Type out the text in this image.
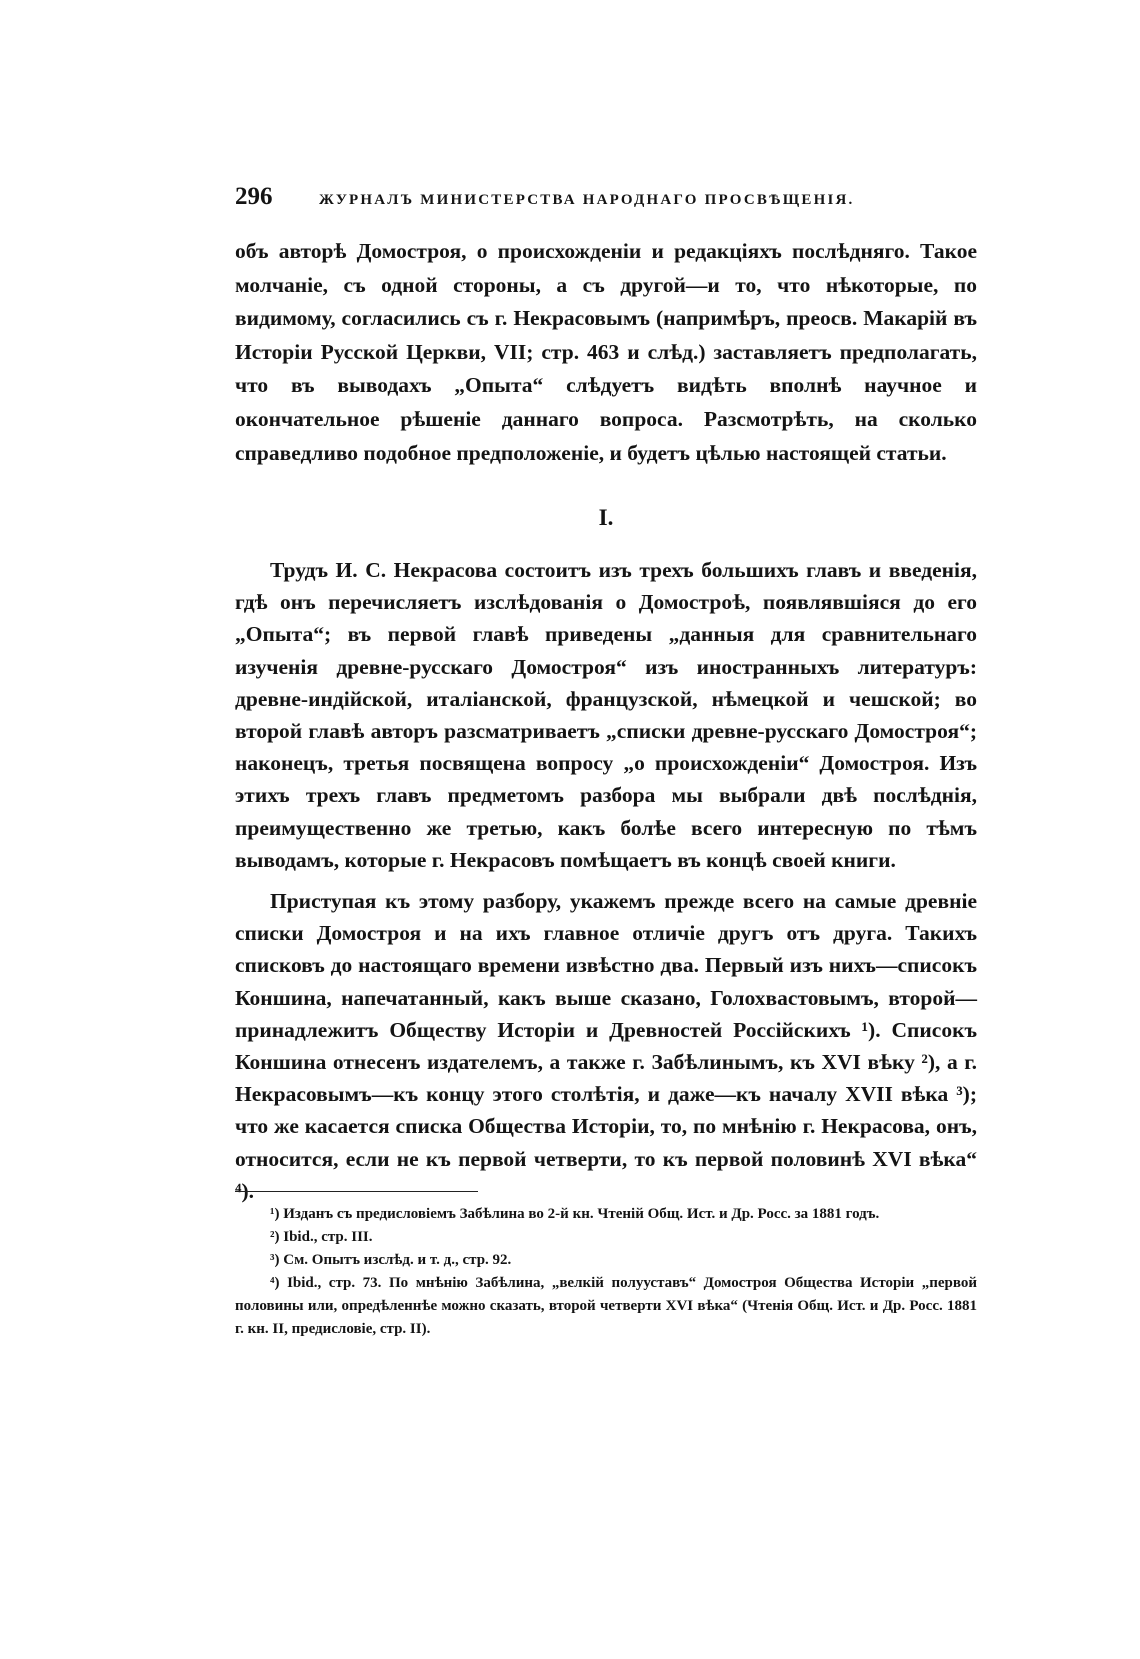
296	ЖУРНАЛЪ МИНИСТЕРСТВА НАРОДНАГО ПРОСВѢЩЕНІЯ.

объ авторѣ Домостроя, о происхожденіи и редакціяхъ послѣдняго. Такое молчаніе, съ одной стороны, а съ другой—и то, что нѣкоторые, по видимому, согласились съ г. Некрасовымъ (напримѣръ, преосв. Макарій въ Исторіи Русской Церкви, VII; стр. 463 и слѣд.) заставляетъ предполагать, что въ выводахъ „Опыта“ слѣдуетъ видѣть вполнѣ научное и окончательное рѣшеніе даннаго вопроса. Разсмотрѣть, на сколько справедливо подобное предположеніе, и будетъ цѣлью настоящей статьи.

I.

Трудъ И. С. Некрасова состоитъ изъ трехъ большихъ главъ и введенія, гдѣ онъ перечисляетъ изслѣдованія о Домостроѣ, появлявшіяся до его „Опыта“; въ первой главѣ приведены „данныя для сравнительнаго изученія древне-русскаго Домостроя“ изъ иностранныхъ литературъ: древне-индійской, италіанской, французской, нѣмецкой и чешской; во второй главѣ авторъ разсматриваетъ „списки древне-русскаго Домостроя“; наконецъ, третья посвящена вопросу „о происхожденіи“ Домостроя. Изъ этихъ трехъ главъ предметомъ разбора мы выбрали двѣ послѣднія, преимущественно же третью, какъ болѣе всего интересную по тѣмъ выводамъ, которые г. Некрасовъ помѣщаетъ въ концѣ своей книги.

Приступая къ этому разбору, укажемъ прежде всего на самые древніе списки Домостроя и на ихъ главное отличіе другъ отъ друга. Такихъ списковъ до настоящаго времени извѣстно два. Первый изъ нихъ—списокъ Коншина, напечатанный, какъ выше сказано, Голохвастовымъ, второй—принадлежитъ Обществу Исторіи и Древностей Россійскихъ ¹). Списокъ Коншина отнесенъ издателемъ, а также г. Забѣлинымъ, къ XVI вѣку ²), а г. Некрасовымъ—къ концу этого столѣтія, и даже—къ началу XVII вѣка ³); что же касается списка Общества Исторіи, то, по мнѣнію г. Некрасова, онъ, относится, если не къ первой четверти, то къ первой половинѣ XVI вѣка“ ⁴).

¹) Изданъ съ предисловіемъ Забѣлина во 2-й кн. Чтеній Общ. Ист. и Др. Росс. за 1881 годъ.

²) Ibid., стр. III.

³) См. Опытъ изслѣд. и т. д., стр. 92.

⁴) Ibid., стр. 73. По мнѣнію Забѣлина, „велкій полууставъ“ Домостроя Общества Исторіи „первой половины или, опредѣленнѣе можно сказать, второй четверти XVI вѣка“ (Чтенія Общ. Ист. и Др. Росс. 1881 г. кн. II, предисловіе, стр. II).
